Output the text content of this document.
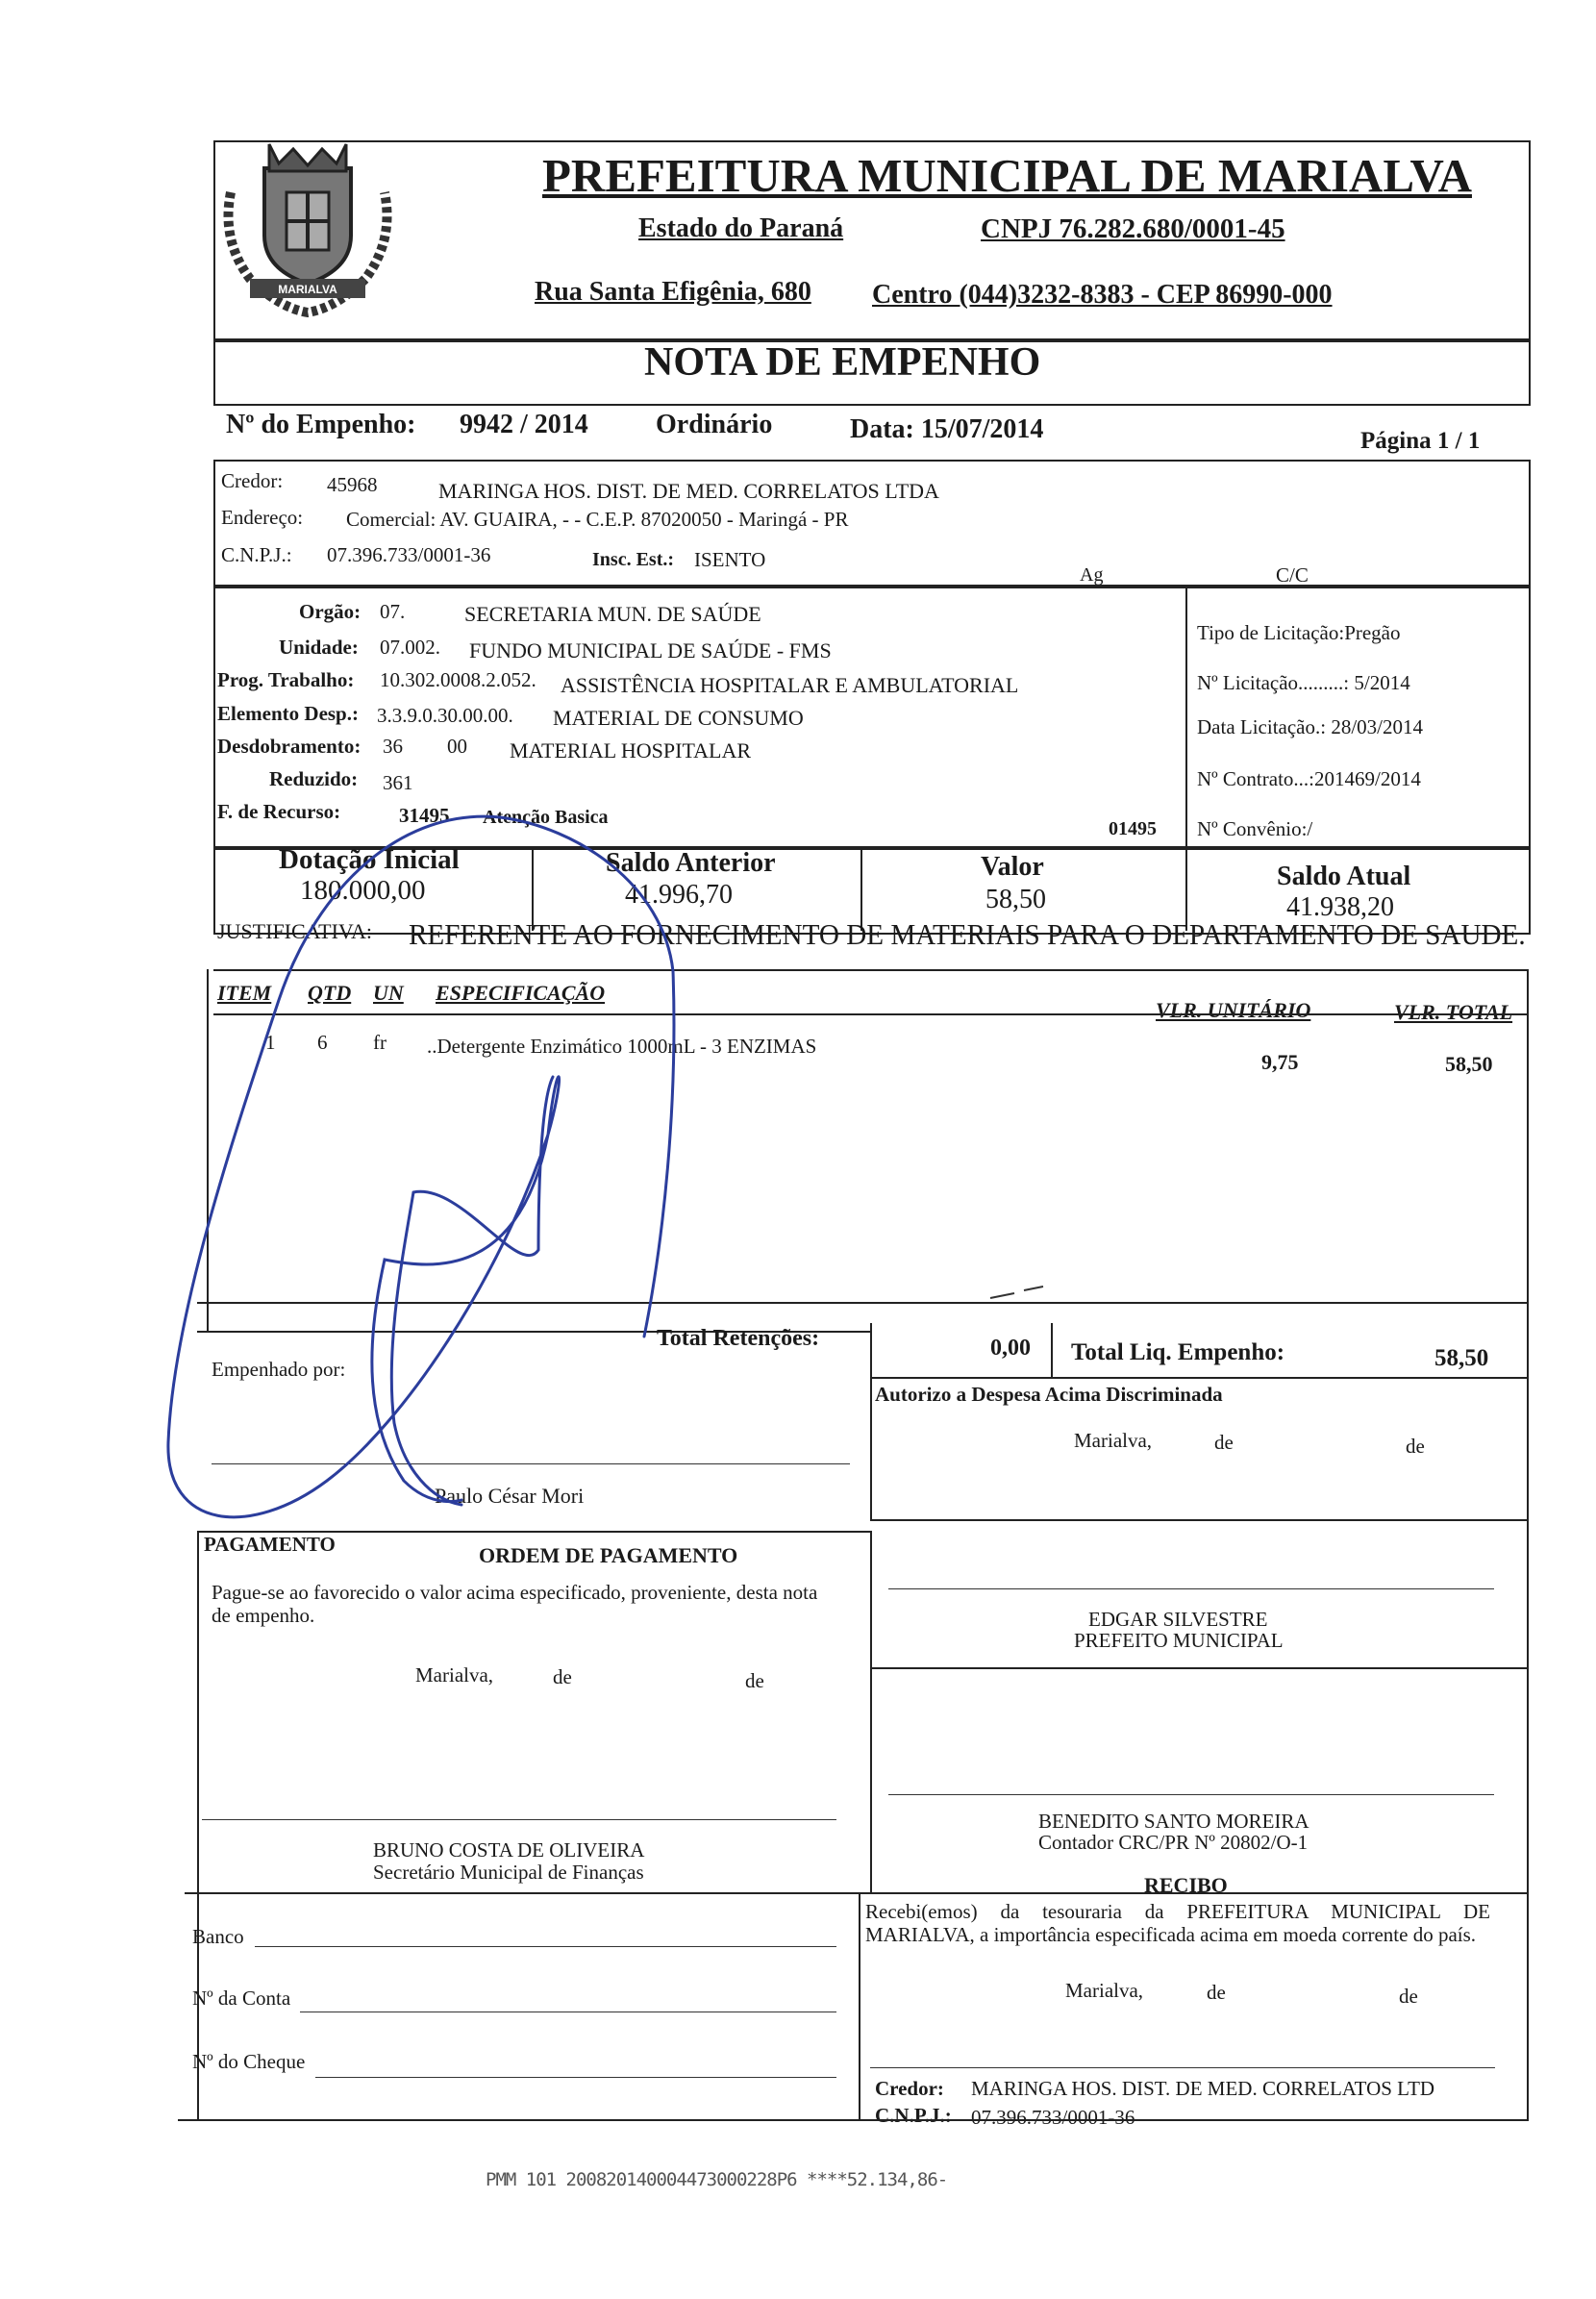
MARIALVA
PREFEITURA MUNICIPAL DE MARIALVA
Estado do Paraná	CNPJ 76.282.680/0001-45
Rua Santa Efigênia, 680 Centro (044)3232-8383 - CEP 86990-000
NOTA DE EMPENHO
Nº do Empenho: 9942 / 2014	Ordinário	Data: 15/07/2014	Página 1 / 1
Credor: 45968	MARINGA HOS. DIST. DE MED. CORRELATOS LTDA
Endereço: Comercial: AV. GUAIRA, - - C.E.P. 87020050 - Maringá - PR
C.N.P.J.: 07.396.733/0001-36	Insc. Est.: ISENTO
Ag	C/C
Orgão: 07.	SECRETARIA MUN. DE SAÚDE
Unidade: 07.002. FUNDO MUNICIPAL DE SAÚDE - FMS
Prog. Trabalho: 10.302.0008.2.052. ASSISTÊNCIA HOSPITALAR E AMBULATORIAL
Elemento Desp.: 3.3.9.0.30.00.00. MATERIAL DE CONSUMO
Desdobramento: 36 00 MATERIAL HOSPITALAR
Reduzido: 361
F. de Recurso:	31495 Atenção Basica
01495
Tipo de Licitação:Pregão
Nº Licitação.........: 5/2014
Data Licitação.: 28/03/2014
Nº Contrato...:201469/2014
Nº Convênio:/
Dotação Inicial
180.000,00
Saldo Anterior
41.996,70
Valor
58,50
Saldo Atual
41.938,20
JUSTIFICATIVA: REFERENTE AO FORNECIMENTO DE MATERIAIS PARA O DEPARTAMENTO DE SAUDE.
ITEM QTD UN ESPECIFICAÇÃO
VLR. UNITÁRIO	VLR. TOTAL
1 6 fr ..Detergente Enzimático 1000mL - 3 ENZIMAS
9,75	58,50
Total Retenções:	0,00 Total Liq. Empenho:	58,50
Empenhado por:
Paulo César Mori
Autorizo a Despesa Acima Discriminada
Marialva,	de	de
EDGAR SILVESTRE
PREFEITO MUNICIPAL
PAGAMENTO	ORDEM DE PAGAMENTO
Pague-se ao favorecido o valor acima especificado, proveniente, desta nota de empenho.
Marialva,	de	de
BRUNO COSTA DE OLIVEIRA
Secretário Municipal de Finanças
BENEDITO SANTO MOREIRA
Contador CRC/PR Nº 20802/O-1
Banco
Nº da Conta
Nº do Cheque
RECIBO
Recebi(emos) da tesouraria da PREFEITURA MUNICIPAL DE MARIALVA, a importância especificada acima em moeda corrente do país.
Marialva,	de	de
Credor: MARINGA HOS. DIST. DE MED. CORRELATOS LTD
C.N.P.J.: 07.396.733/0001-36
PMM 101 200820140004473000228P6 ****52.134,86-
